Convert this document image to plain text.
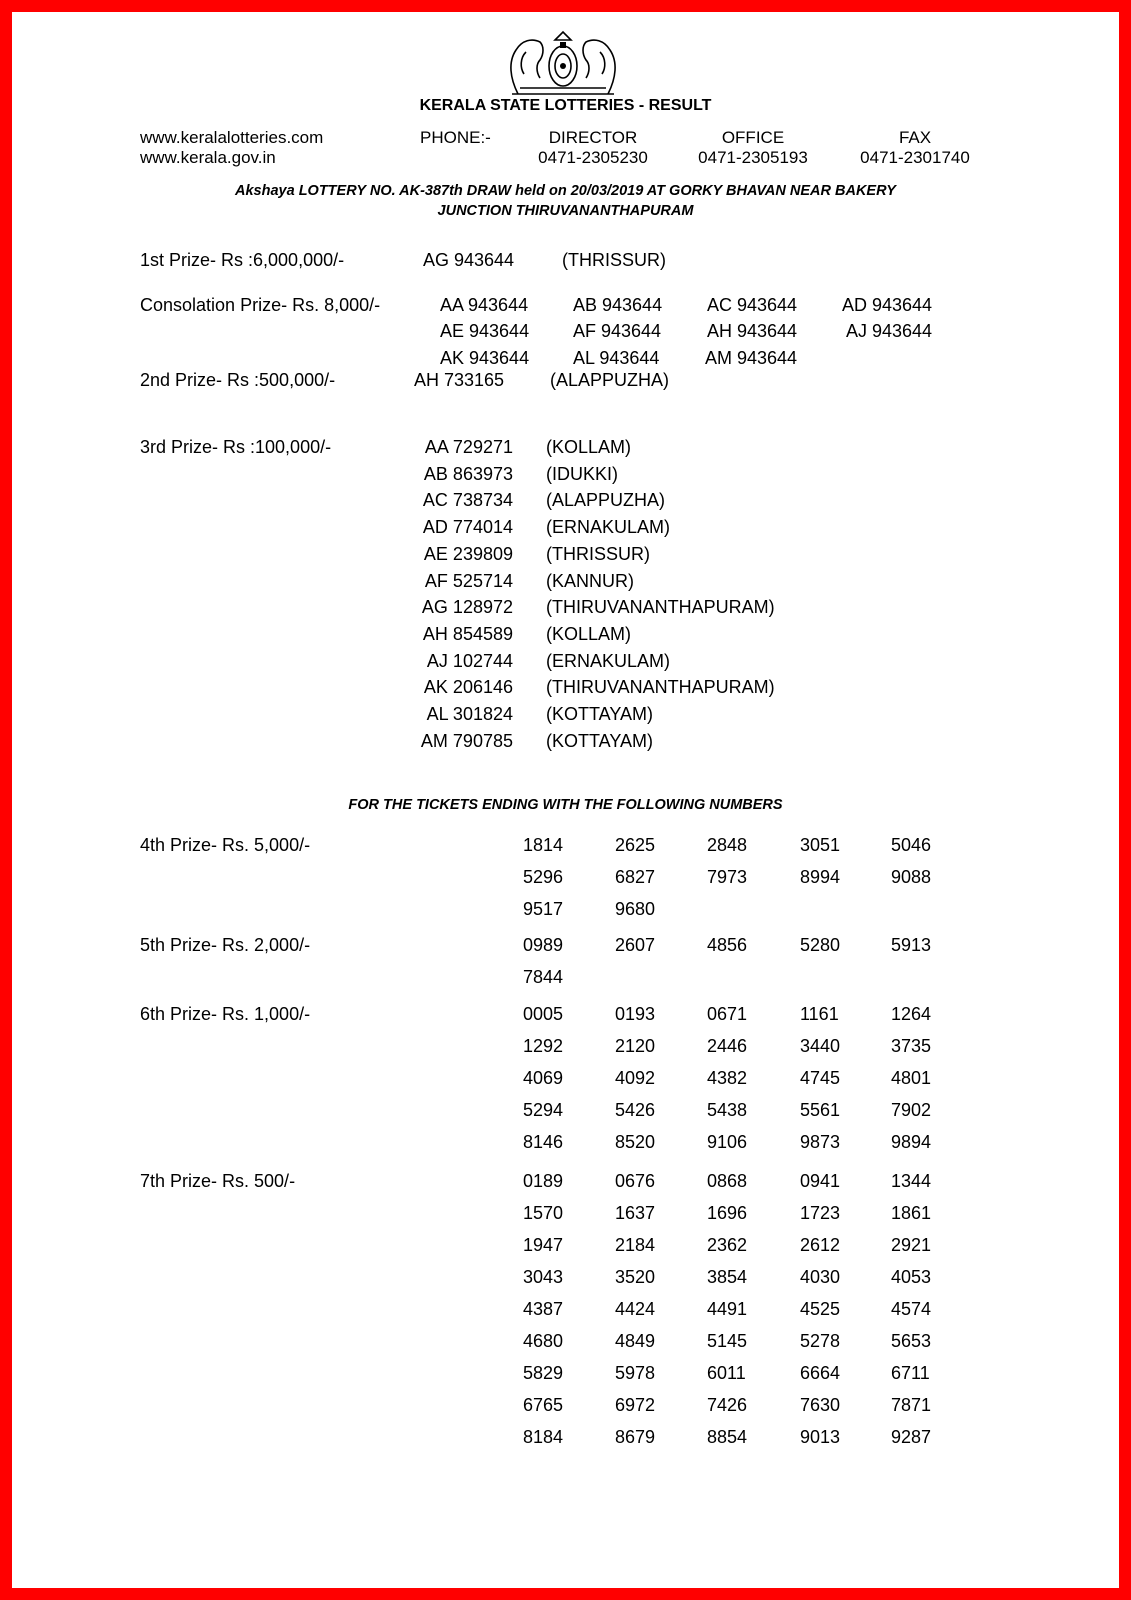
KERALA STATE LOTTERIES - RESULT
www.keralalotteries.com
www.kerala.gov.in
PHONE:-	DIRECTOR
0471-2305230
OFFICE
0471-2305193
FAX
0471-2301740
Akshaya LOTTERY NO. AK-387th DRAW held on 20/03/2019 AT GORKY BHAVAN NEAR BAKERY
JUNCTION THIRUVANANTHAPURAM
1st Prize- Rs :6,000,000/-	AG 943644	(THRISSUR)
Consolation Prize- Rs. 8,000/-	AA 943644 AB 943644 AC 943644 AD 943644
AE 943644 AF 943644	AH 943644	AJ 943644
AK 943644 AL 943644	AM 943644
2nd Prize- Rs :500,000/-	AH 733165	(ALAPPUZHA)
3rd Prize- Rs :100,000/-	AA 729271 (KOLLAM)
AB 863973 (IDUKKI)
AC 738734 (ALAPPUZHA)
AD 774014 (ERNAKULAM)
AE 239809 (THRISSUR)
AF 525714 (KANNUR)
AG 128972 (THIRUVANANTHAPURAM)
AH 854589 (KOLLAM)
AJ 102744 (ERNAKULAM)
AK 206146 (THIRUVANANTHAPURAM)
AL 301824 (KOTTAYAM)
AM 790785 (KOTTAYAM)
FOR THE TICKETS ENDING WITH THE FOLLOWING NUMBERS
4th Prize- Rs. 5,000/-	1814	2625	2848	3051	5046
5296	6827	7973	8994	9088
9517	9680
5th Prize- Rs. 2,000/-	0989	2607	4856	5280	5913
7844
6th Prize- Rs. 1,000/-	0005	0193	0671	1161	1264
1292	2120	2446	3440	3735
4069	4092	4382	4745	4801
5294	5426	5438	5561	7902
8146	8520	9106	9873	9894
7th Prize- Rs. 500/-	0189	0676	0868	0941	1344
1570	1637	1696	1723	1861
1947	2184	2362	2612	2921
3043	3520	3854	4030	4053
4387	4424	4491	4525	4574
4680	4849	5145	5278	5653
5829	5978	6011	6664	6711
6765	6972	7426	7630	7871
8184	8679	8854	9013	9287
